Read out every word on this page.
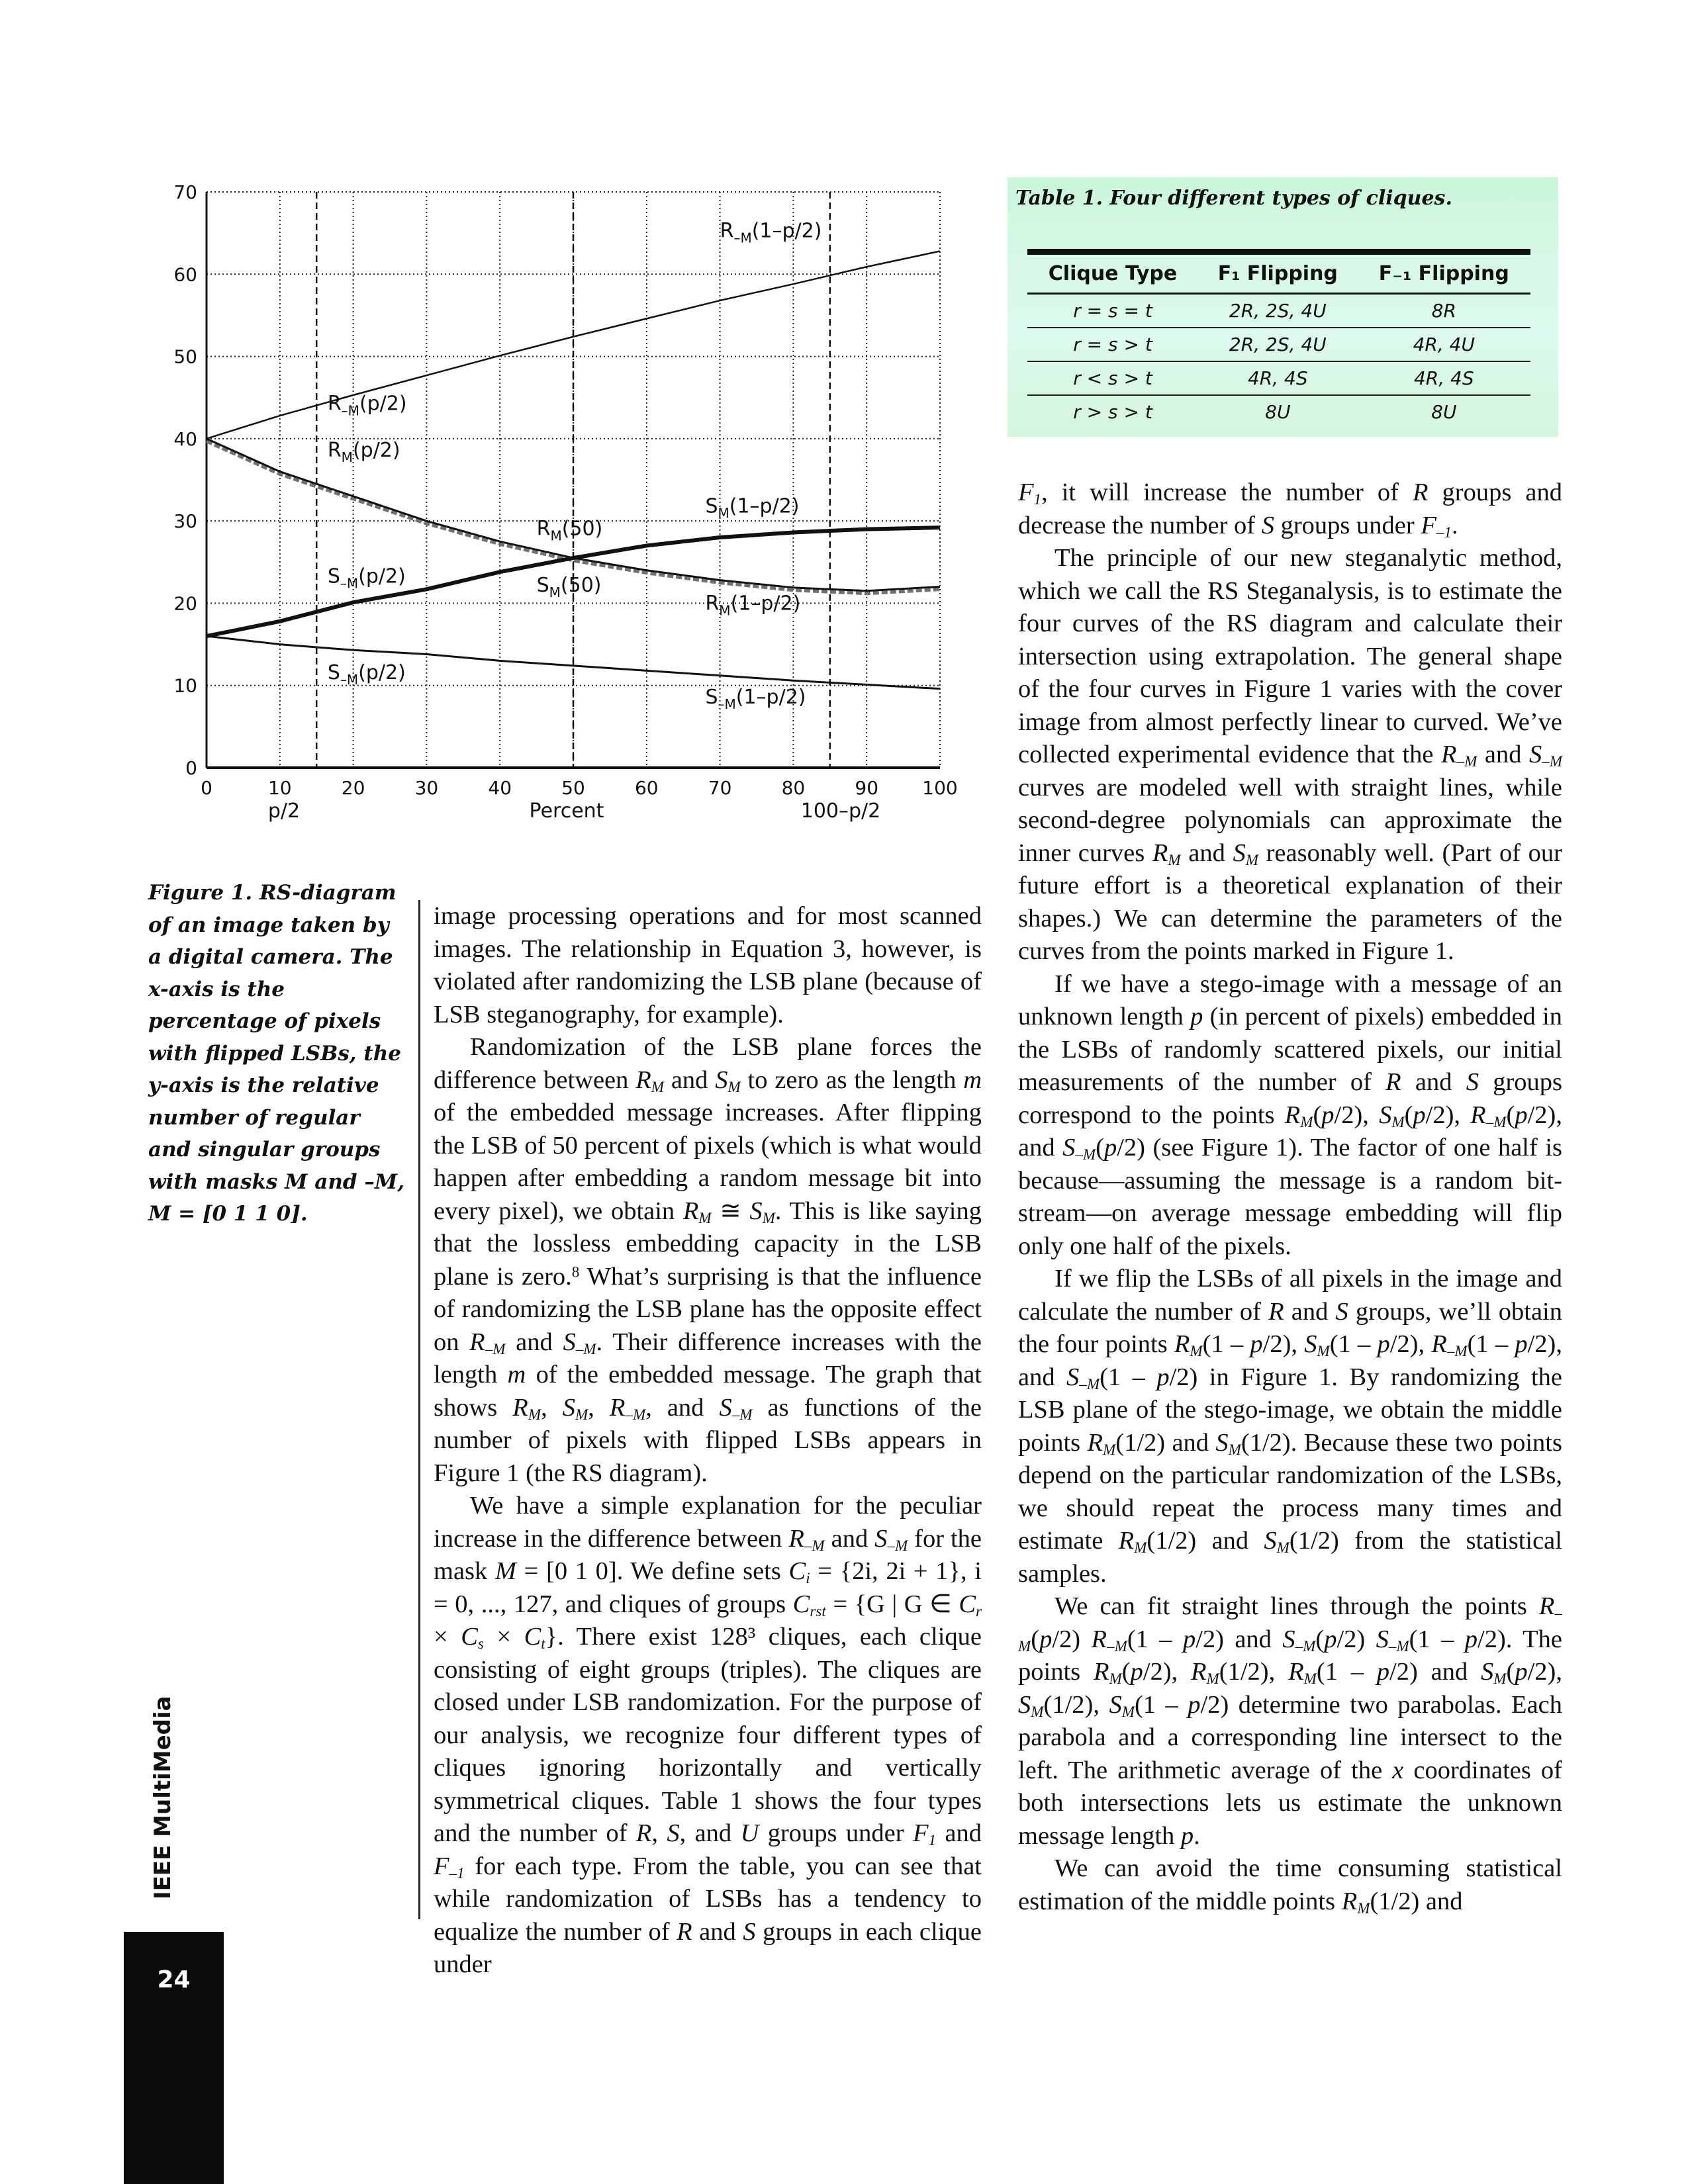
0
10
20
30
40
50
60
70
0	10	20	30	40	50	60	70	80	90 100
$R_{-M}(1-p/2)$
$R_{-M}(p/2)$
$R_M(p/2)$
$S_M(1-p/2)$
$R_M(50)$
$S_{-M}(p/2)$	$S_M(50)$
$R_M(1-p/2)$
$S_{-M}(p/2)$
$S_{-M}(1-p/2)$
p/2	Percent	100–p/2
Figure 1. RS-diagram of an image taken by a digital camera. The x-axis is the percentage of pixels with flipped LSBs, the y-axis is the relative number of regular and singular groups with masks M and –M, M = [0 1 1 0].
Table 1. Four different types of cliques.
Clique Type	F₁ Flipping	F₋₁ Flipping
r = s = t	2R, 2S, 4U	8R
r = s > t	2R, 2S, 4U	4R, 4U
r < s > t	4R, 4S	4R, 4S
r > s > t	8U	8U

image processing operations and for most scanned images. The relationship in Equation 3, however, is violated after randomizing the LSB plane (because of LSB steganography, for example).

Randomization of the LSB plane forces the difference between $R_M$ and $S_M$ to zero as the length m of the embedded message increases. After flipping the LSB of 50 percent of pixels (which is what would happen after embedding a random message bit into every pixel), we obtain $R_M$ ≅ $S_M$. This is like saying that the lossless embedding capacity in the LSB plane is zero.$^8$ What’s surprising is that the influence of randomizing the LSB plane has the opposite effect on $R_{-M}$ and $S_{-M}$. Their difference increases with the length m of the embedded message. The graph that shows $R_M$, $S_M$, $R_{-M}$, and $S_{-M}$ as functions of the number of pixels with flipped LSBs appears in Figure 1 (the RS diagram).

We have a simple explanation for the peculiar increase in the difference between $R_{-M}$ and $S_{-M}$ for the mask M = [0 1 0]. We define sets $C_i = \{2i$, 2i + 1}, i = 0, ..., 127, and cliques of groups $C_{rst} = \{G$ | G ∈ $C_r \times C_s \times C_t$}. There exist 128³ cliques, each clique consisting of eight groups (triples). The cliques are closed under LSB randomization. For the purpose of our analysis, we recognize four different types of cliques ignoring horizontally and vertically symmetrical cliques. Table 1 shows the four types and the number of R, S, and U groups under $F_1$ and $F_{-1}$ for each type. From the table, you can see that while randomization of LSBs has a tendency to equalize the number of R and S groups in each clique under

$F_1$, it will increase the number of R groups and decrease the number of S groups under $F_{-1}$.

The principle of our new steganalytic method, which we call the RS Steganalysis, is to estimate the four curves of the RS diagram and calculate their intersection using extrapolation. The general shape of the four curves in Figure 1 varies with the cover image from almost perfectly linear to curved. We’ve collected experimental evidence that the $R_{-M}$ and $S_{-M}$ curves are modeled well with straight lines, while second-degree polynomials can approximate the inner curves $R_M$ and $S_M$ reasonably well. (Part of our future effort is a theoretical explanation of their shapes.) We can determine the parameters of the curves from the points marked in Figure 1.

If we have a stego-image with a message of an unknown length p (in percent of pixels) embedded in the LSBs of randomly scattered pixels, our initial measurements of the number of R and S groups correspond to the points $R_M(p/2)$, $S_M(p/2)$, $R_{-M}(p/2)$, and $S_{-M}(p/2)$ (see Figure 1). The factor of one half is because—assuming the message is a random bit-stream—on average message embedding will flip only one half of the pixels.

If we flip the LSBs of all pixels in the image and calculate the number of R and S groups, we’ll obtain the four points $R_M(1 - p/2)$, $S_M(1 - p/2)$, $R_{-M}(1 - p/2)$, and $S_{-M}(1 - p/2)$ in Figure 1. By randomizing the LSB plane of the stego-image, we obtain the middle points $R_M(1/2)$ and $S_M(1/2)$. Because these two points depend on the particular randomization of the LSBs, we should repeat the process many times and estimate $R_M(1/2)$ and $S_M(1/2)$ from the statistical samples.

We can fit straight lines through the points $R_{-M}(p/2)$ $R_{-M}(1 - p/2)$ and $S_{-M}(p/2)$ $S_{-M}(1 - p/2)$. The points $R_M(p/2)$, $R_M(1/2)$, $R_M(1 - p/2)$ and $S_M(p/2)$, $S_M(1/2)$, $S_M(1 - p/2)$ determine two parabolas. Each parabola and a corresponding line intersect to the left. The arithmetic average of the x coordinates of both intersections lets us estimate the unknown message length p.

We can avoid the time consuming statistical estimation of the middle points $R_M(1/2)$ and

IEEE MultiMedia
24
